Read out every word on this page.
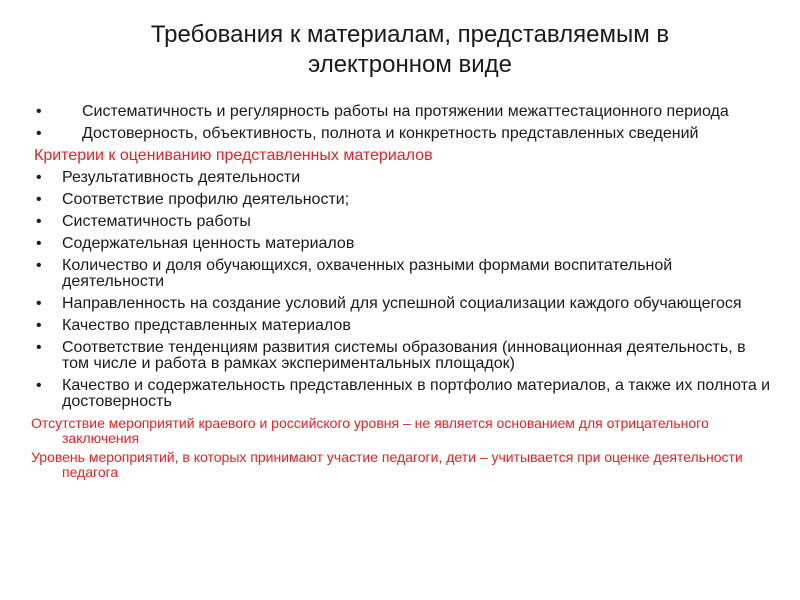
Требования к материалам, представляемым в электронном виде
•	Систематичность и регулярность работы на протяжении межаттестационного периода
•	Достоверность, объективность, полнота и конкретность представленных сведений
Критерии к оцениванию представленных материалов
• Результативность деятельности
• Соответствие профилю деятельности;
• Систематичность работы
• Содержательная ценность материалов
• Количество и доля обучающихся, охваченных разными формами воспитательной деятельности
• Направленность на создание условий для успешной социализации каждого обучающегося
• Качество представленных материалов
• Соответствие тенденциям развития системы образования (инновационная деятельность, в том числе и работа в рамках экспериментальных площадок)
• Качество и содержательность представленных в портфолио материалов, а также их полнота и достоверность
Отсутствие мероприятий краевого и российского уровня – не является основанием для отрицательного заключения
Уровень мероприятий, в которых принимают участие педагоги, дети – учитывается при оценке деятельности педагога
